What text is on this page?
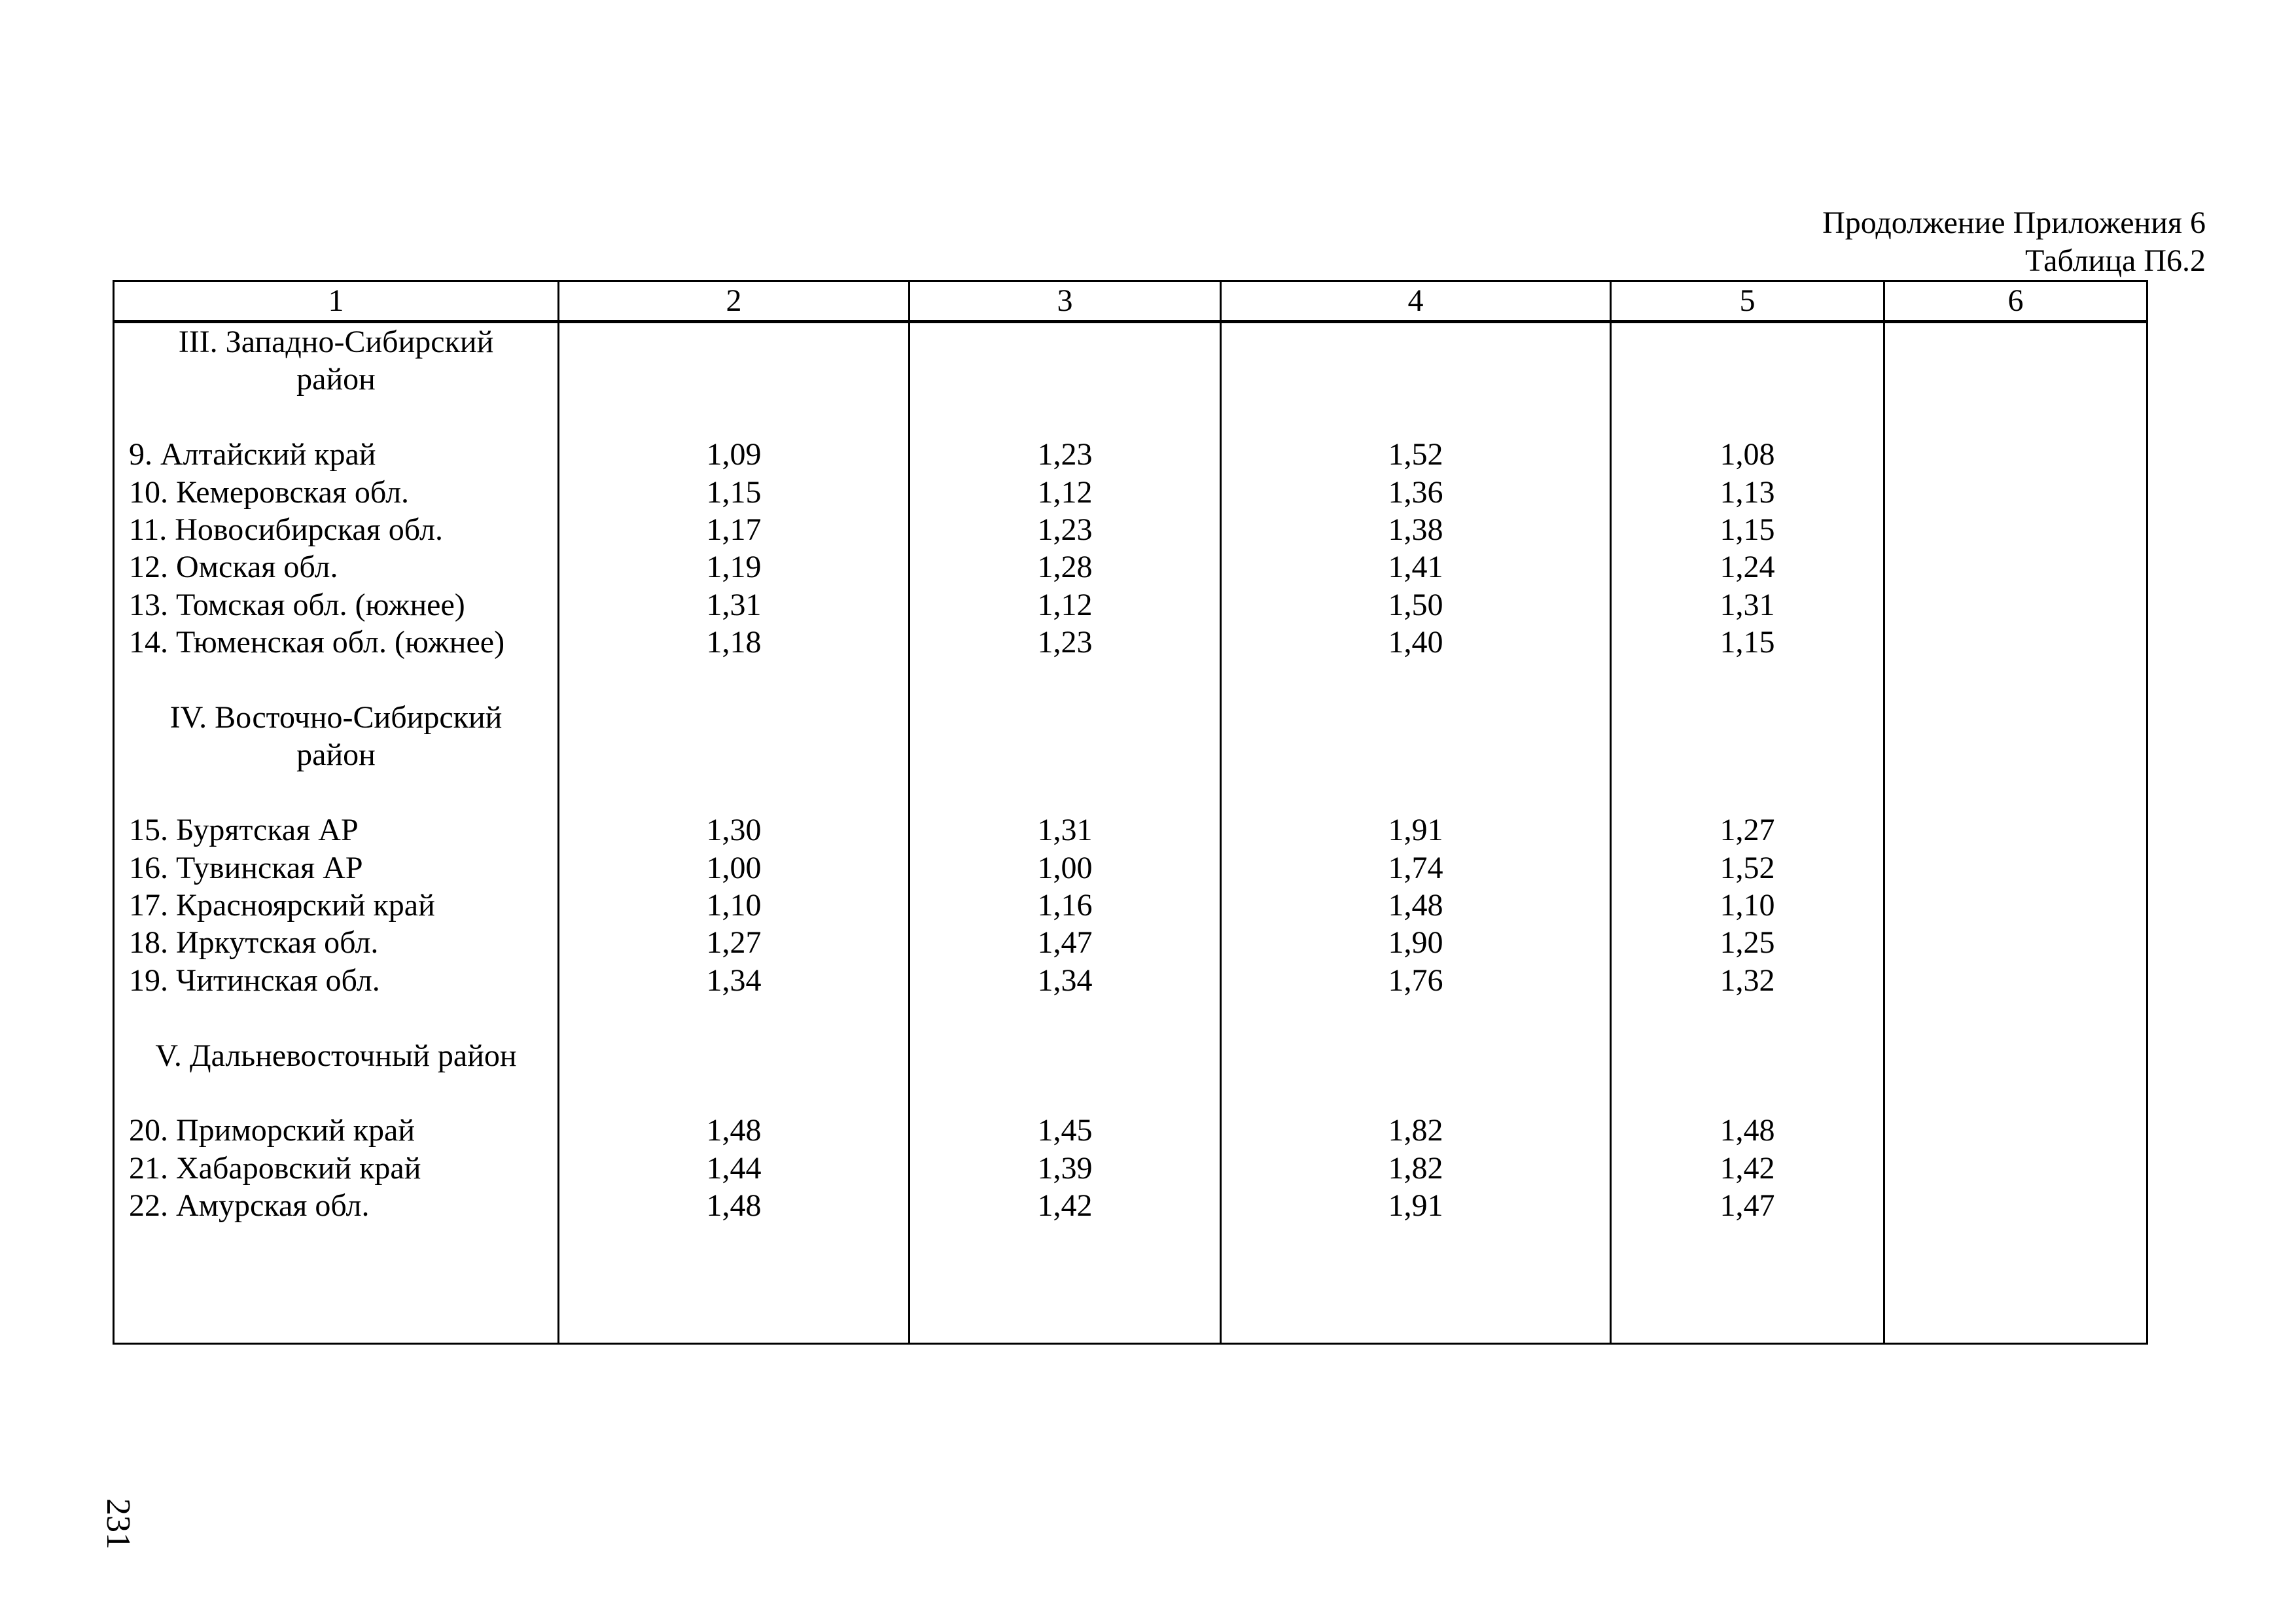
Продолжение Приложения 6
Таблица П6.2
1	2	3	4	5	6
III. Западно-Сибирский					
район					

9. Алтайский край	1,09	1,23	1,52	1,08	
10. Кемеровская обл.	1,15	1,12	1,36	1,13	
11. Новосибирская обл.	1,17	1,23	1,38	1,15	
12. Омская обл.	1,19	1,28	1,41	1,24	
13. Томская обл. (южнее)	1,31	1,12	1,50	1,31	
14. Тюменская обл. (южнее)	1,18	1,23	1,40	1,15	

IV. Восточно-Сибирский					
район					

15. Бурятская АР	1,30	1,31	1,91	1,27	
16. Тувинская АР	1,00	1,00	1,74	1,52	
17. Красноярский край	1,10	1,16	1,48	1,10	
18. Иркутская обл.	1,27	1,47	1,90	1,25	
19. Читинская обл.	1,34	1,34	1,76	1,32	

V. Дальневосточный район					

20. Приморский край	1,48	1,45	1,82	1,48	
21. Хабаровский край	1,44	1,39	1,82	1,42	
22. Амурская обл.	1,48	1,42	1,91	1,47	

231
